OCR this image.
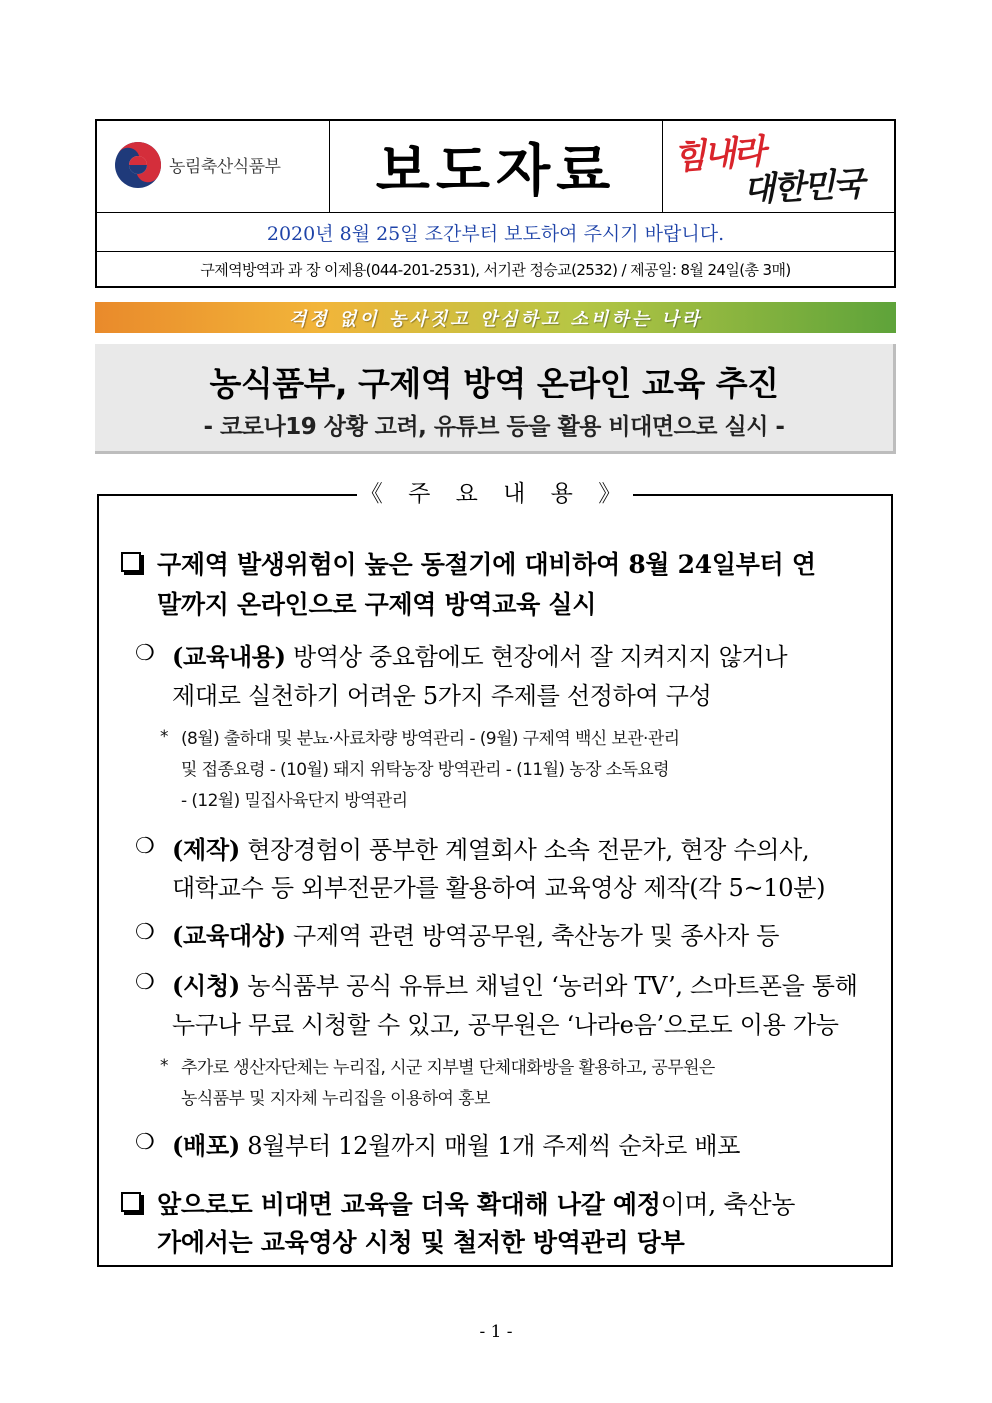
농림축산식품부	보도자료	힘내라
대한민국
2020년 8월 25일 조간부터 보도하여 주시기 바랍니다.
구제역방역과 과 장 이제용(044-201-2531), 서기관 정승교(2532) / 제공일: 8월 24일(총 3매)
걱정 없이 농사짓고 안심하고 소비하는 나라
농식품부, 구제역 방역 온라인 교육 추진
- 코로나19 상황 고려, 유튜브 등을 활용 비대면으로 실시 -
《 주 요 내 용 》
구제역 발생위험이 높은 동절기에 대비하여 8월 24일부터 연
말까지 온라인으로 구제역 방역교육 실시
❍ (교육내용) 방역상 중요함에도 현장에서 잘 지켜지지 않거나
제대로 실천하기 어려운 5가지 주제를 선정하여 구성
* (8월) 출하대 및 분뇨·사료차량 방역관리 - (9월) 구제역 백신 보관·관리
및 접종요령 - (10월) 돼지 위탁농장 방역관리 - (11월) 농장 소독요령
- (12월) 밀집사육단지 방역관리
❍ (제작) 현장경험이 풍부한 계열회사 소속 전문가, 현장 수의사,
대학교수 등 외부전문가를 활용하여 교육영상 제작(각 5~10분)
❍ (교육대상) 구제역 관련 방역공무원, 축산농가 및 종사자 등
❍ (시청) 농식품부 공식 유튜브 채널인 ‘농러와 TV’, 스마트폰을 통해
누구나 무료 시청할 수 있고, 공무원은 ‘나라e음’으로도 이용 가능
* 추가로 생산자단체는 누리집, 시군 지부별 단체대화방을 활용하고, 공무원은
농식품부 및 지자체 누리집을 이용하여 홍보
❍ (배포) 8월부터 12월까지 매월 1개 주제씩 순차로 배포
앞으로도 비대면 교육을 더욱 확대해 나갈 예정이며, 축산농
가에서는 교육영상 시청 및 철저한 방역관리 당부
- 1 -
